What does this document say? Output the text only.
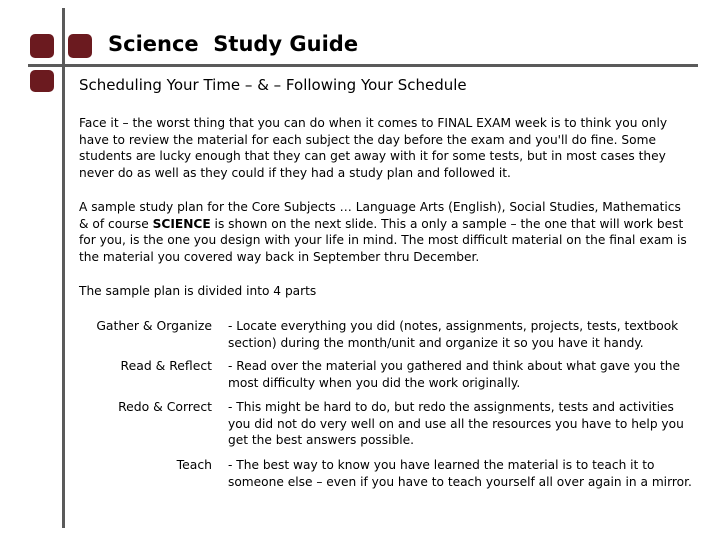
Science  Study Guide
Scheduling Your Time – & – Following Your Schedule

Face it – the worst thing that you can do when it comes to FINAL EXAM week is to think you only have to review the material for each subject the day before the exam and you'll do fine. Some students are lucky enough that they can get away with it for some tests, but in most cases they never do as well as they could if they had a study plan and followed it.

A sample study plan for the Core Subjects … Language Arts (English), Social Studies, Mathematics & of course SCIENCE is shown on the next slide. This a only a sample – the one that will work best for you, is the one you design with your life in mind. The most difficult material on the final exam is the material you covered way back in September thru December.

The sample plan is divided into 4 parts

Gather & Organize - Locate everything you did (notes, assignments, projects, tests, textbook section) during the month/unit and organize it so you have it handy.
Read & Reflect - Read over the material you gathered and think about what gave you the most difficulty when you did the work originally.
Redo & Correct - This might be hard to do, but redo the assignments, tests and activities you did not do very well on and use all the resources you have to help you get the best answers possible.
Teach - The best way to know you have learned the material is to teach it to someone else – even if you have to teach yourself all over again in a mirror.
